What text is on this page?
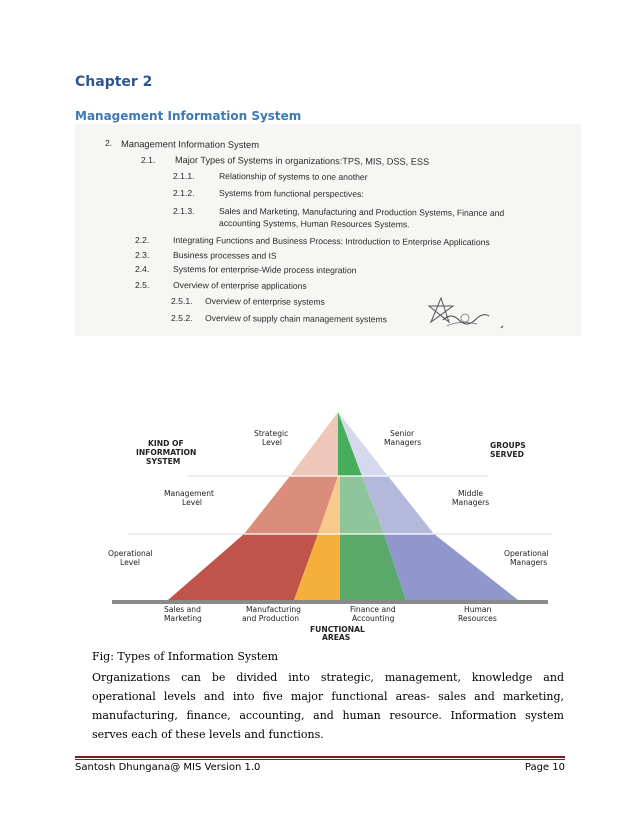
Chapter 2
Management Information System
2. Management Information System
2.1. Major Types of Systems in organizations:TPS, MIS, DSS, ESS
2.1.1.	Relationship of systems to one another
2.1.2.	Systems from functional perspectives:
2.1.3.	Sales and Marketing, Manufacturing and Production Systems, Finance and
accounting Systems, Human Resources Systems.
2.2.	Integrating Functions and Business Process: Introduction to Enterprise Applications
2.3.	Business processes and IS
2.4.	Systems for enterprise-Wide process integration
2.5.	Overview of enterprise applications
2.5.1. Overview of enterprise systems
2.5.2. Overview of supply chain management systems
KIND OF
INFORMATION
SYSTEM
GROUPS
SERVED
Strategic
Level
Management
Level
Operational
Level
Senior
Managers
Middle
Managers
Operational
Managers
Sales and
Marketing
Manufacturing
and Production
Finance and
Accounting
Human
Resources
FUNCTIONAL
AREAS
Fig: Types of Information System
Organizations can be divided into strategic, management, knowledge and operational levels and into five major functional areas- sales and marketing, manufacturing, finance, accounting, and human resource. Information system serves each of these levels and functions.
Santosh Dhungana@ MIS Version 1.0	Page 10
